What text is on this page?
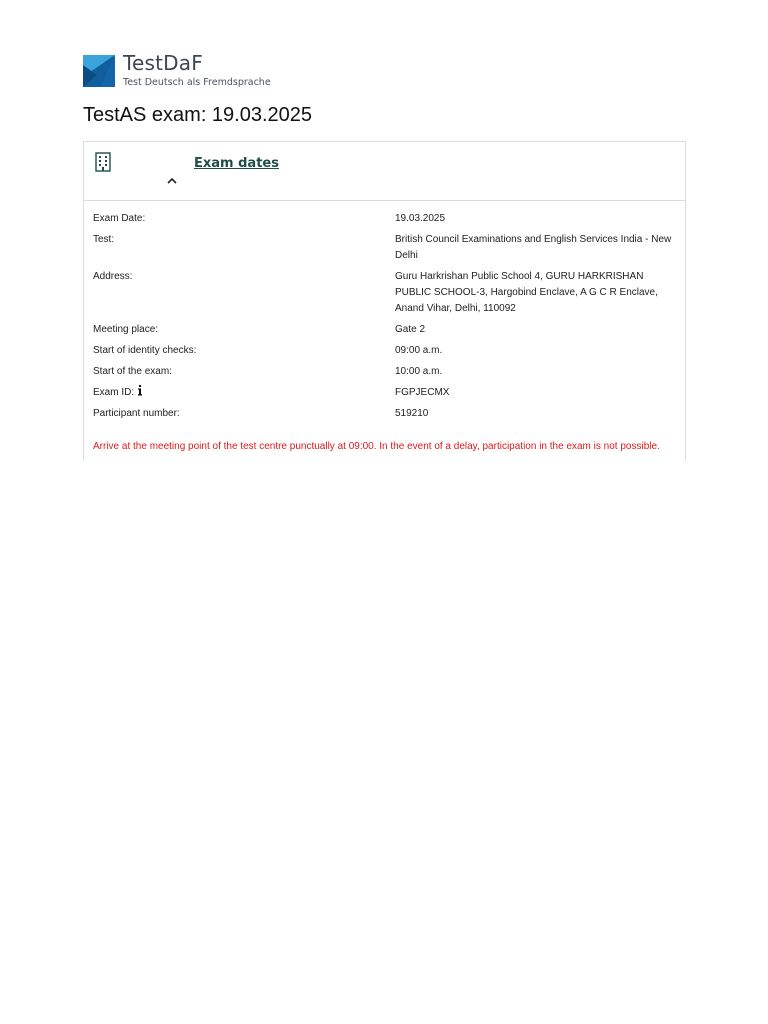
TestDaF
Test Deutsch als Fremdsprache
TestAS exam: 19.03.2025
Exam dates
Exam Date:	19.03.2025
Test:	British Council Examinations and English Services India - New Delhi
Address:	Guru Harkrishan Public School 4, GURU HARKRISHAN PUBLIC SCHOOL-3, Hargobind Enclave, A G C R Enclave, Anand Vihar, Delhi, 110092
Meeting place:	Gate 2
Start of identity checks:	09:00 a.m.
Start of the exam:	10:00 a.m.
Exam ID:	FGPJECMX
Participant number:	519210
Arrive at the meeting point of the test centre punctually at 09:00. In the event of a delay, participation in the exam is not possible.
